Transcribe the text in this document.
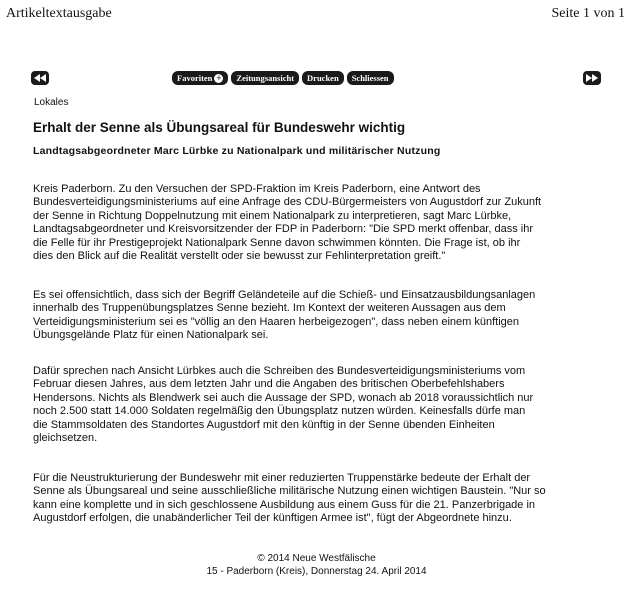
Artikeltextausgabe	Seite 1 von 1
Favoriten + Zeitungsansicht Drucken Schliessen
Lokales
Erhalt der Senne als Übungsareal für Bundeswehr wichtig
Landtagsabgeordneter Marc Lürbke zu Nationalpark und militärischer Nutzung
Kreis Paderborn. Zu den Versuchen der SPD-Fraktion im Kreis Paderborn, eine Antwort des
Bundesverteidigungsministeriums auf eine Anfrage des CDU-Bürgermeisters von Augustdorf zur Zukunft
der Senne in Richtung Doppelnutzung mit einem Nationalpark zu interpretieren, sagt Marc Lürbke,
Landtagsabgeordneter und Kreisvorsitzender der FDP in Paderborn: "Die SPD merkt offenbar, dass ihr
die Felle für ihr Prestigeprojekt Nationalpark Senne davon schwimmen könnten. Die Frage ist, ob ihr
dies den Blick auf die Realität verstellt oder sie bewusst zur Fehlinterpretation greift."
Es sei offensichtlich, dass sich der Begriff Geländeteile auf die Schieß- und Einsatzausbildungsanlagen
innerhalb des Truppenübungsplatzes Senne bezieht. Im Kontext der weiteren Aussagen aus dem
Verteidigungsministerium sei es "völlig an den Haaren herbeigezogen", dass neben einem künftigen
Übungsgelände Platz für einen Nationalpark sei.
Dafür sprechen nach Ansicht Lürbkes auch die Schreiben des Bundesverteidigungsministeriums vom
Februar diesen Jahres, aus dem letzten Jahr und die Angaben des britischen Oberbefehlshabers
Hendersons. Nichts als Blendwerk sei auch die Aussage der SPD, wonach ab 2018 voraussichtlich nur
noch 2.500 statt 14.000 Soldaten regelmäßig den Übungsplatz nutzen würden. Keinesfalls dürfe man
die Stammsoldaten des Standortes Augustdorf mit den künftig in der Senne übenden Einheiten
gleichsetzen.
Für die Neustrukturierung der Bundeswehr mit einer reduzierten Truppenstärke bedeute der Erhalt der
Senne als Übungsareal und seine ausschließliche militärische Nutzung einen wichtigen Baustein. "Nur so
kann eine komplette und in sich geschlossene Ausbildung aus einem Guss für die 21. Panzerbrigade in
Augustdorf erfolgen, die unabänderlicher Teil der künftigen Armee ist", fügt der Abgeordnete hinzu.
© 2014 Neue Westfälische
15 - Paderborn (Kreis), Donnerstag 24. April 2014
